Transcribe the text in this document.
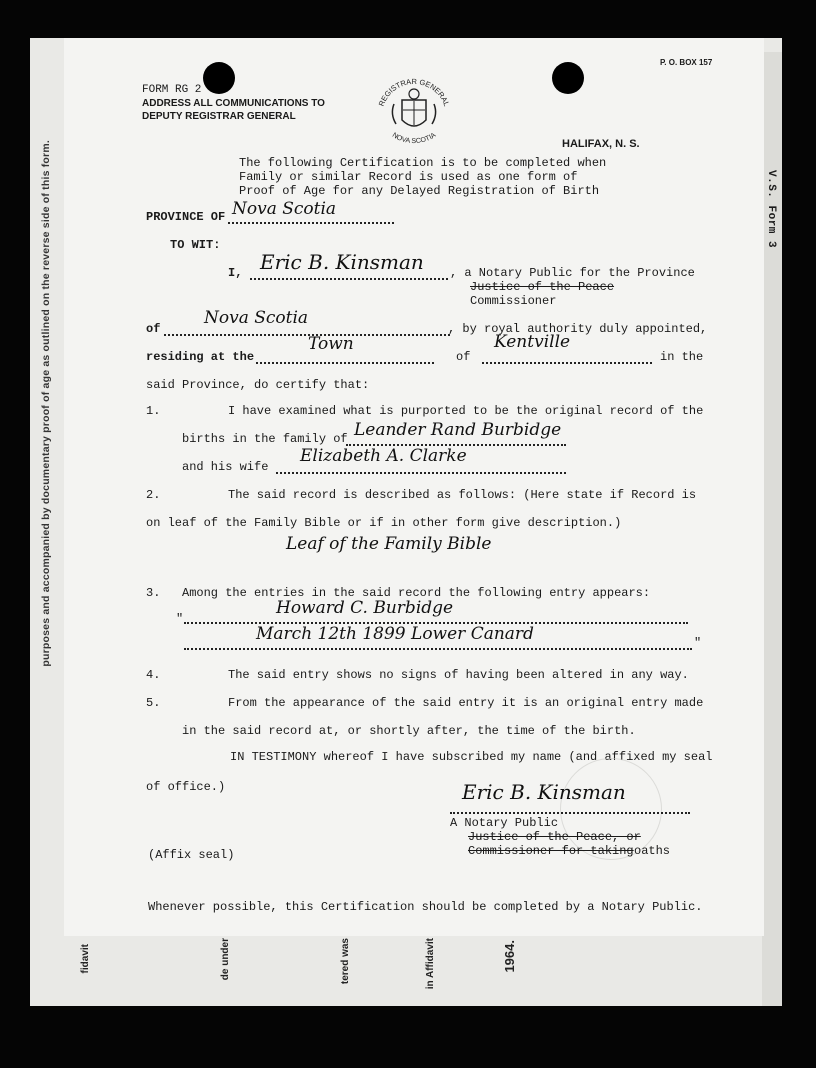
V.S. Form 3
purposes and accompanied by documentary proof of age as outlined on the reverse side of this form.
fidavit	de under	tered was	in Affidavit	1964.
FORM RG 2
ADDRESS ALL COMMUNICATIONS TO
DEPUTY REGISTRAR GENERAL
P. O. BOX 157
HALIFAX, N. S.
REGISTRAR GENERAL
NOVA SCOTIA
The following Certification is to be completed when
Family or similar Record is used as one form of
Proof of Age for any Delayed Registration of Birth
PROVINCE OF Nova Scotia
TO WIT:
I, Eric B. Kinsman , a Notary Public for the Province
Justice of the Peace
Commissioner
of
Nova Scotia
, by royal authority duly appointed,
residing at the
Town
of
Kentville
in the
said Province, do certify that:
1.	I have examined what is purported to be the original record of the
births in the family of Leander Rand Burbidge
and his wife
Elizabeth A. Clarke
2.	The said record is described as follows: (Here state if Record is
on leaf of the Family Bible or if in other form give description.)
Leaf of the Family Bible
3. Among the entries in the said record the following entry appears:
"
Howard C. Burbidge
March 12th 1899 Lower Canard	"
4.	The said entry shows no signs of having been altered in any way.
5.	From the appearance of the said entry it is an original entry made
in the said record at, or shortly after, the time of the birth.
IN TESTIMONY whereof I have subscribed my name (and affixed my seal
of office.)	Eric B. Kinsman
A Notary Public
Justice of the Peace, or
Commissioner for taking oaths
(Affix seal)
Whenever possible, this Certification should be completed by a Notary Public.
